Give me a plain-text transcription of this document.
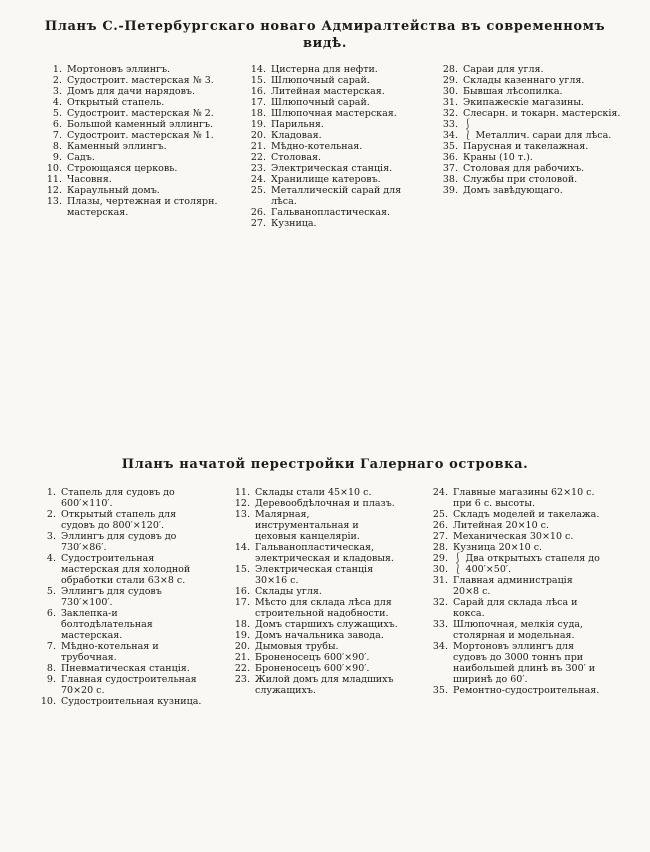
Планъ С.-Петербургскаго новаго Адмиралтейства въ современномъ
видѣ.
1. Мортоновъ эллингъ.
2. Судостроит. мастерская № 3.
3. Домъ для дачи нарядовъ.
4. Открытый стапель.
5. Судостроит. мастерская № 2.
6. Большой каменный эллингъ.
7. Судостроит. мастерская № 1.
8. Каменный эллингъ.
9. Садъ.
10. Строющаяся церковь.
11. Часовня.
12. Караульный домъ.
13. Плазы, чертежная и столярн. мастерская.
14. Цистерна для нефти.
15. Шлюпочный сарай.
16. Литейная мастерская.
17. Шлюпочный сарай.
18. Шлюпочная мастерская.
19. Парильня.
20. Кладовая.
21. Мѣдно-котельная.
22. Столовая.
23. Электрическая станція.
24. Хранилище катеровъ.
25. Металлическій сарай для лѣса.
26. Гальванопластическая.
27. Кузница.
28. Сараи для угля.
29. Склады казеннаго угля.
30. Бывшая лѣсопилка.
31. Экипажескіе магазины.
32. Слесарн. и токарн. мастерскія.
33. ⎰
34. ⎱ Металлич. сараи для лѣса.
35. Парусная и такелажная.
36. Краны (10 т.).
37. Столовая для рабочихъ.
38. Службы при столовой.
39. Домъ завѣдующаго.
Планъ начатой перестройки Галернаго островка.
1. Стапель для судовъ до 600′×110′.
2. Открытый стапель для судовъ до 800′×120′.
3. Эллингъ для судовъ до 730′×86′.
4. Судостроительная мастерская для холодной обработки стали 63×8 с.
5. Эллингъ для судовъ 730′×100′.
6. Заклепка-и болтодѣлательная мастерская.
7. Мѣдно-котельная и трубочная.
8. Пневматическая станція.
9. Главная судостроительная 70×20 с.
10. Судостроительная кузница.
11. Склады стали 45×10 с.
12. Деревообдѣлочная и плазъ.
13. Малярная, инструментальная и цеховыя канцеляріи.
14. Гальванопластическая, электрическая и кладовыя.
15. Электрическая станція 30×16 с.
16. Склады угля.
17. Мѣсто для склада лѣса для строительной надобности.
18. Домъ старшихъ служащихъ.
19. Домъ начальника завода.
20. Дымовыя трубы.
21. Броненосецъ 600′×90′.
22. Броненосецъ 600′×90′.
23. Жилой домъ для младшихъ служащихъ.
24. Главные магазины 62×10 с. при 6 с. высоты.
25. Складъ моделей и такелажа.
26. Литейная 20×10 с.
27. Механическая 30×10 с.
28. Кузница 20×10 с.
29. ⎰ Два открытыхъ стапеля до
30. ⎱ 400′×50′.
31. Главная администрація 20×8 с.
32. Сарай для склада лѣса и кокса.
33. Шлюпочная, мелкія суда, столярная и модельная.
34. Мортоновъ эллингъ для судовъ до 3000 тоннъ при наибольшей длинѣ въ 300′ и ширинѣ до 60′.
35. Ремонтно-судостроительная.
